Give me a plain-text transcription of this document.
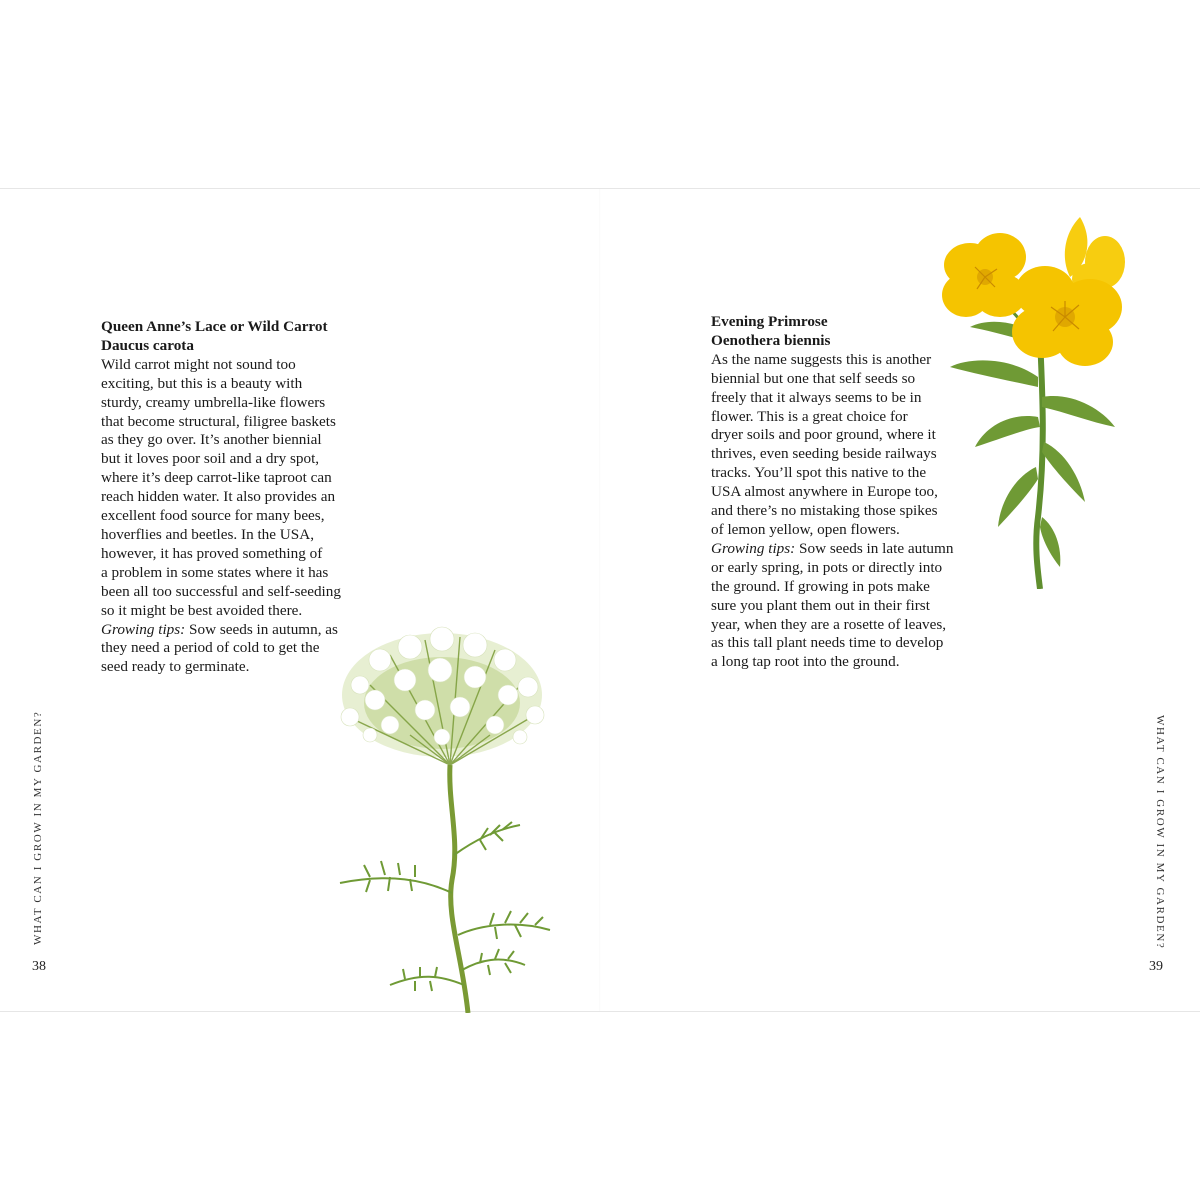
Queen Anne’s Lace or Wild Carrot
Daucus carota
Wild carrot might not sound too
exciting, but this is a beauty with
sturdy, creamy umbrella-like flowers
that become structural, filigree baskets
as they go over. It’s another biennial
but it loves poor soil and a dry spot,
where it’s deep carrot-like taproot can
reach hidden water. It also provides an
excellent food source for many bees,
hoverflies and beetles. In the USA,
however, it has proved something of
a problem in some states where it has
been all too successful and self-seeding
so it might be best avoided there.
Growing tips: Sow seeds in autumn, as
they need a period of cold to get the
seed ready to germinate.
Evening Primrose
Oenothera biennis
As the name suggests this is another
biennial but one that self seeds so
freely that it always seems to be in
flower. This is a great choice for
dryer soils and poor ground, where it
thrives, even seeding beside railways
tracks. You’ll spot this native to the
USA almost anywhere in Europe too,
and there’s no mistaking those spikes
of lemon yellow, open flowers.
Growing tips: Sow seeds in late autumn
or early spring, in pots or directly into
the ground. If growing in pots make
sure you plant them out in their first
year, when they are a rosette of leaves,
as this tall plant needs time to develop
a long tap root into the ground.
WHAT CAN I GROW IN MY GARDEN?
38
WHAT CAN I GROW IN MY GARDEN?
39
